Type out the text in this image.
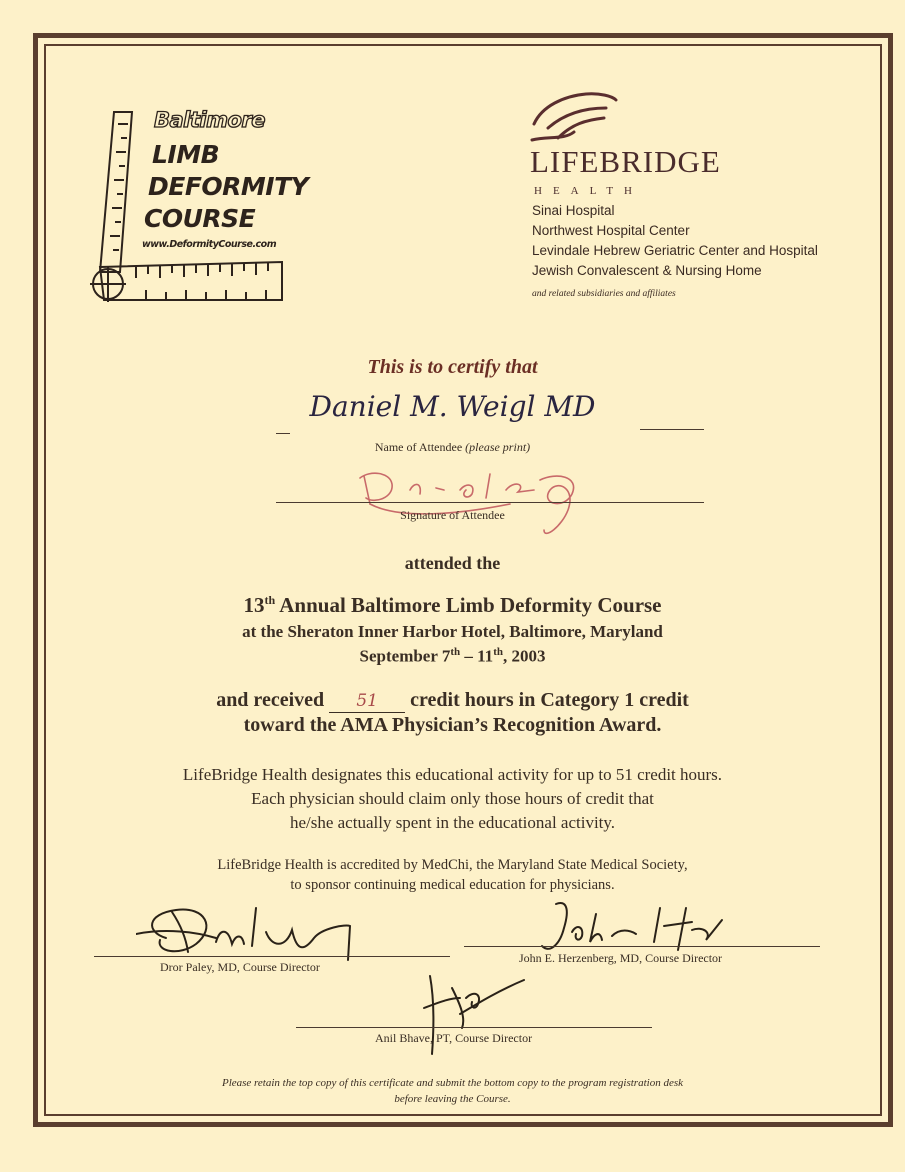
Baltimore
LIMB
DEFORMITY
COURSE
www.DeformityCourse.com
LIFEBRIDGE
HEALTH
Sinai Hospital
Northwest Hospital Center
Levindale Hebrew Geriatric Center and Hospital
Jewish Convalescent & Nursing Home
and related subsidiaries and affiliates
This is to certify that
Daniel M. Weigl MD
Name of Attendee (please print)
Signature of Attendee
attended the
13th Annual Baltimore Limb Deformity Course
at the Sheraton Inner Harbor Hotel, Baltimore, Maryland
September 7th – 11th, 2003
and received 51 credit hours in Category 1 credit
toward the AMA Physician’s Recognition Award.
LifeBridge Health designates this educational activity for up to 51 credit hours.
Each physician should claim only those hours of credit that
he/she actually spent in the educational activity.
LifeBridge Health is accredited by MedChi, the Maryland State Medical Society,
to sponsor continuing medical education for physicians.
Dror Paley, MD, Course Director
John E. Herzenberg, MD, Course Director
Anil Bhave, PT, Course Director
Please retain the top copy of this certificate and submit the bottom copy to the program registration desk
before leaving the Course.
